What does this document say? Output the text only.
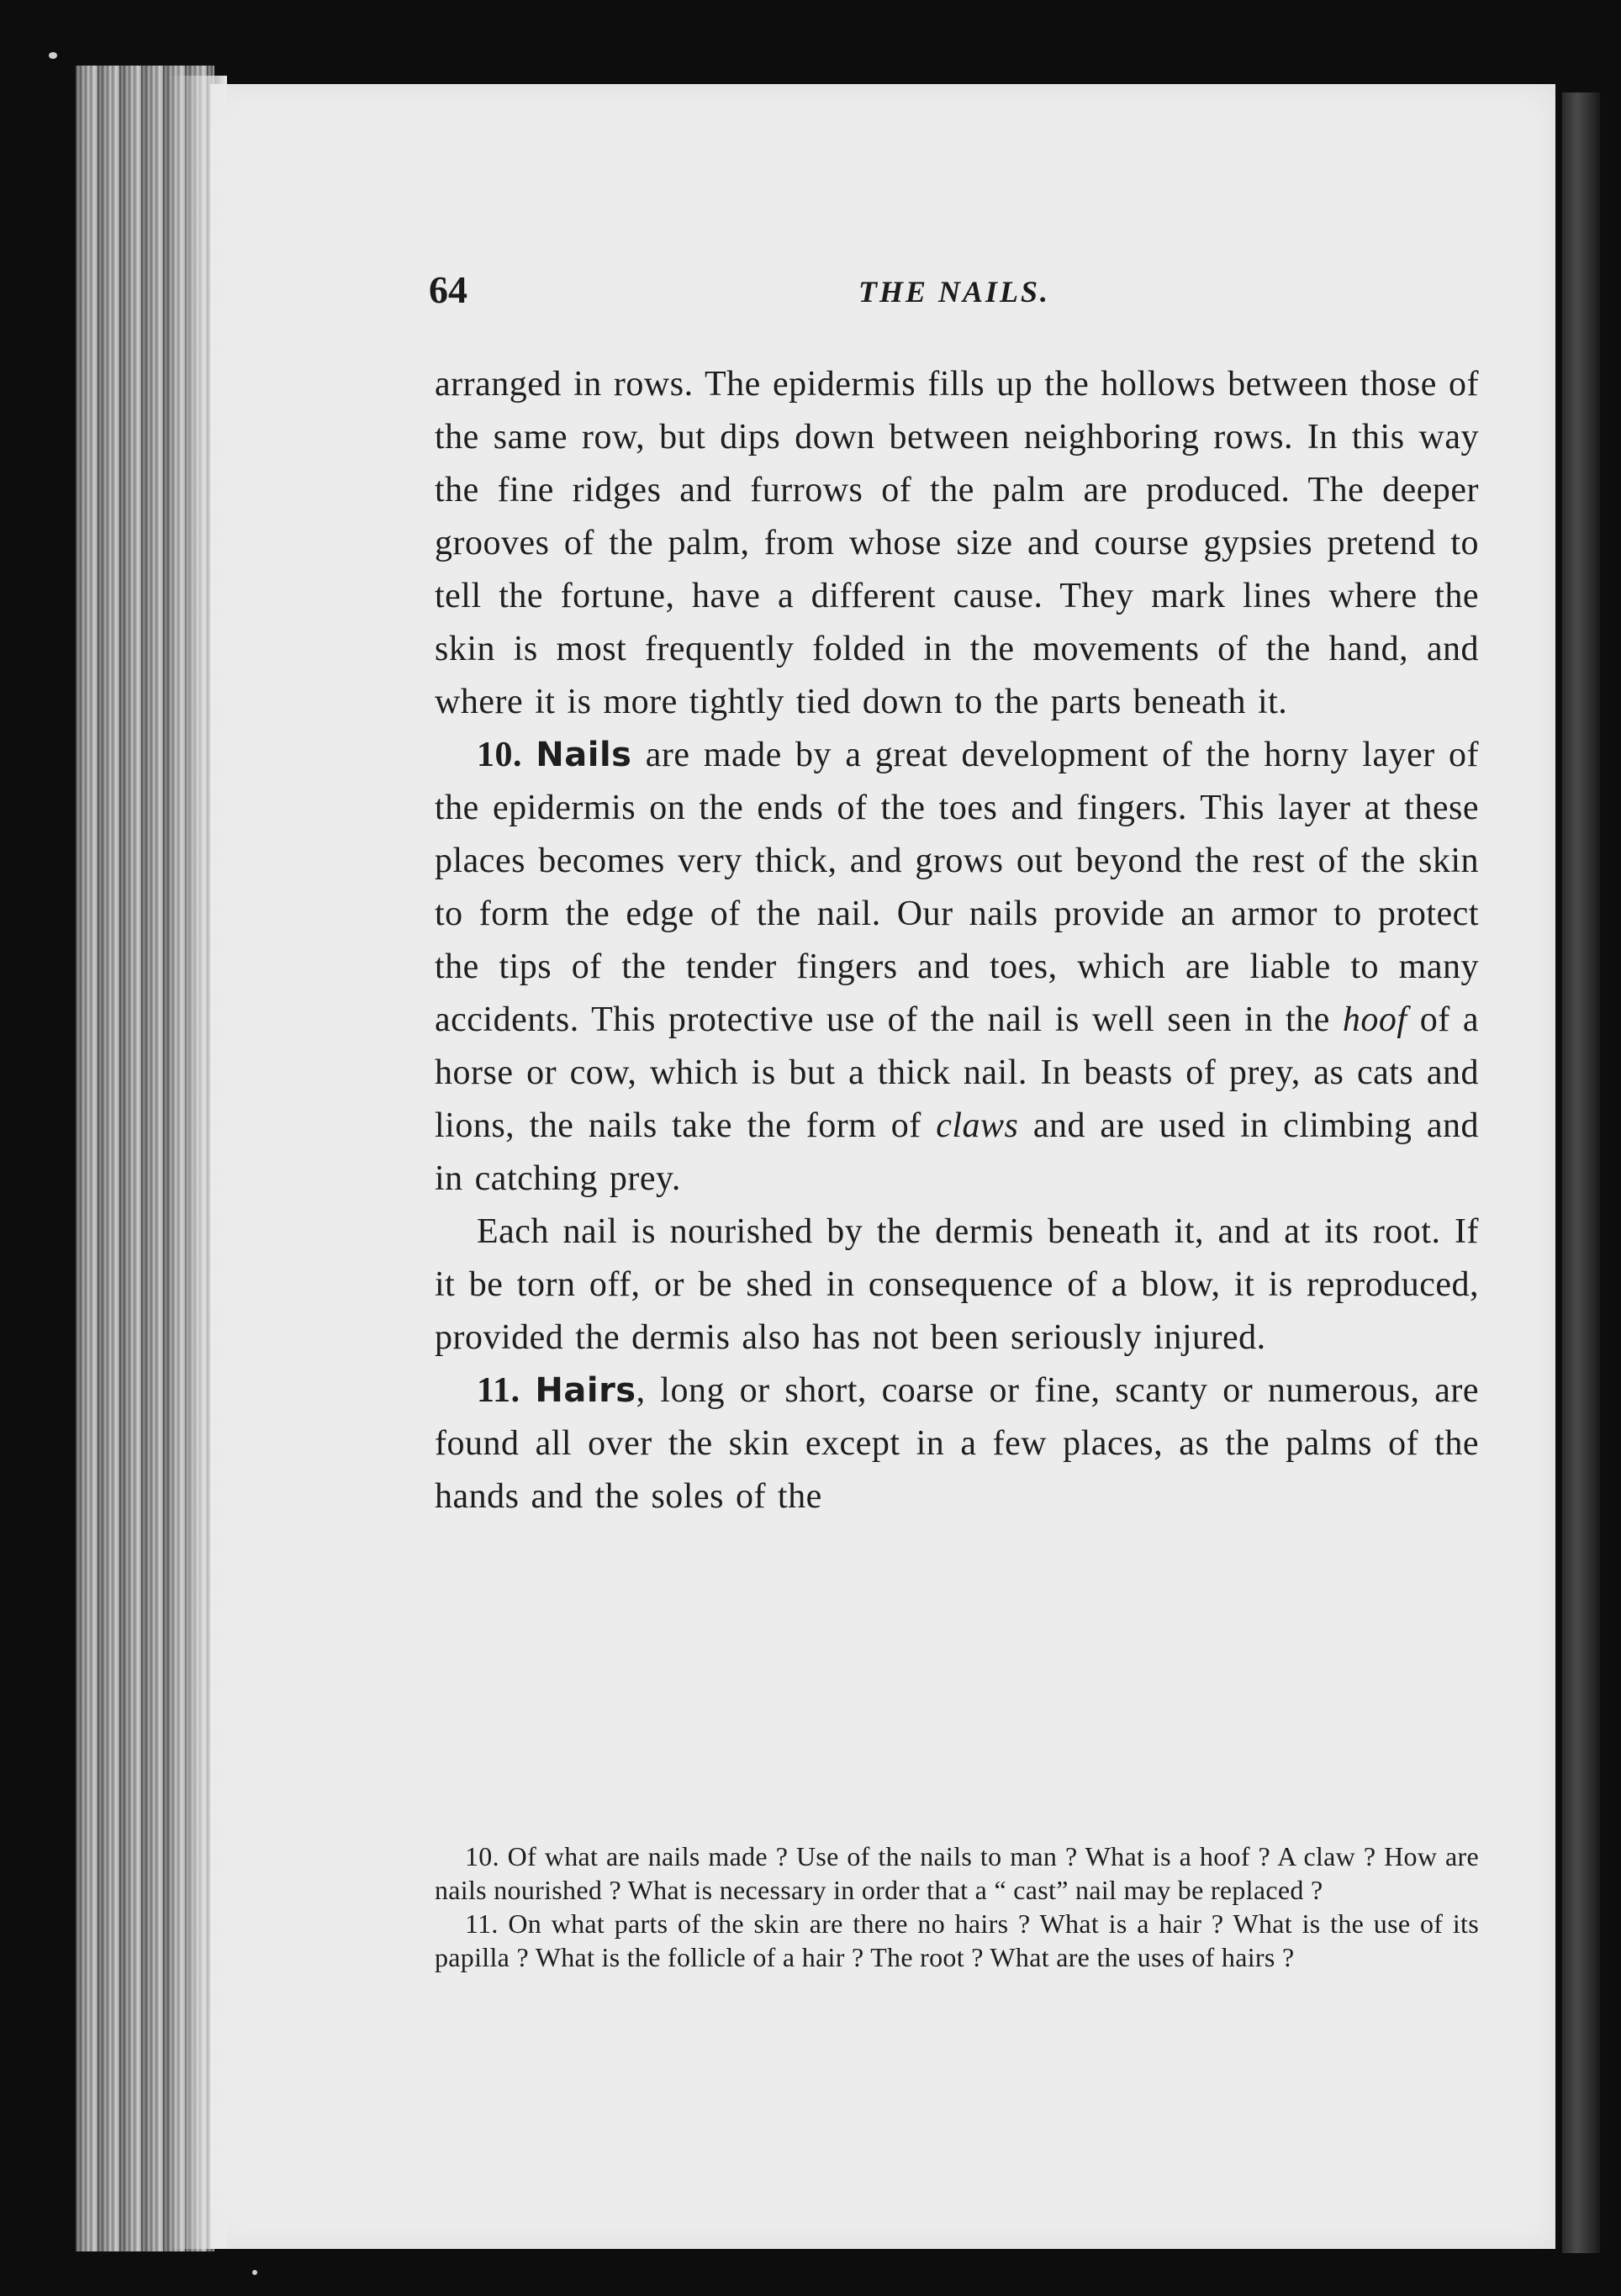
64	THE NAILS.

arranged in rows. The epidermis fills up the hollows between those of the same row, but dips down between neighboring rows. In this way the fine ridges and furrows of the palm are produced. The deeper grooves of the palm, from whose size and course gypsies pretend to tell the fortune, have a different cause. They mark lines where the skin is most frequently folded in the movements of the hand, and where it is more tightly tied down to the parts beneath it.

10. Nails are made by a great development of the horny layer of the epidermis on the ends of the toes and fingers. This layer at these places becomes very thick, and grows out beyond the rest of the skin to form the edge of the nail. Our nails provide an armor to protect the tips of the tender fingers and toes, which are liable to many accidents. This protective use of the nail is well seen in the hoof of a horse or cow, which is but a thick nail. In beasts of prey, as cats and lions, the nails take the form of claws and are used in climbing and in catching prey.

Each nail is nourished by the dermis beneath it, and at its root. If it be torn off, or be shed in consequence of a blow, it is reproduced, provided the dermis also has not been seriously injured.

11. Hairs, long or short, coarse or fine, scanty or numerous, are found all over the skin except in a few places, as the palms of the hands and the soles of the

10. Of what are nails made ? Use of the nails to man ? What is a hoof ? A claw ? How are nails nourished ? What is necessary in order that a “ cast” nail may be replaced ?

11. On what parts of the skin are there no hairs ? What is a hair ? What is the use of its papilla ? What is the follicle of a hair ? The root ? What are the uses of hairs ?
